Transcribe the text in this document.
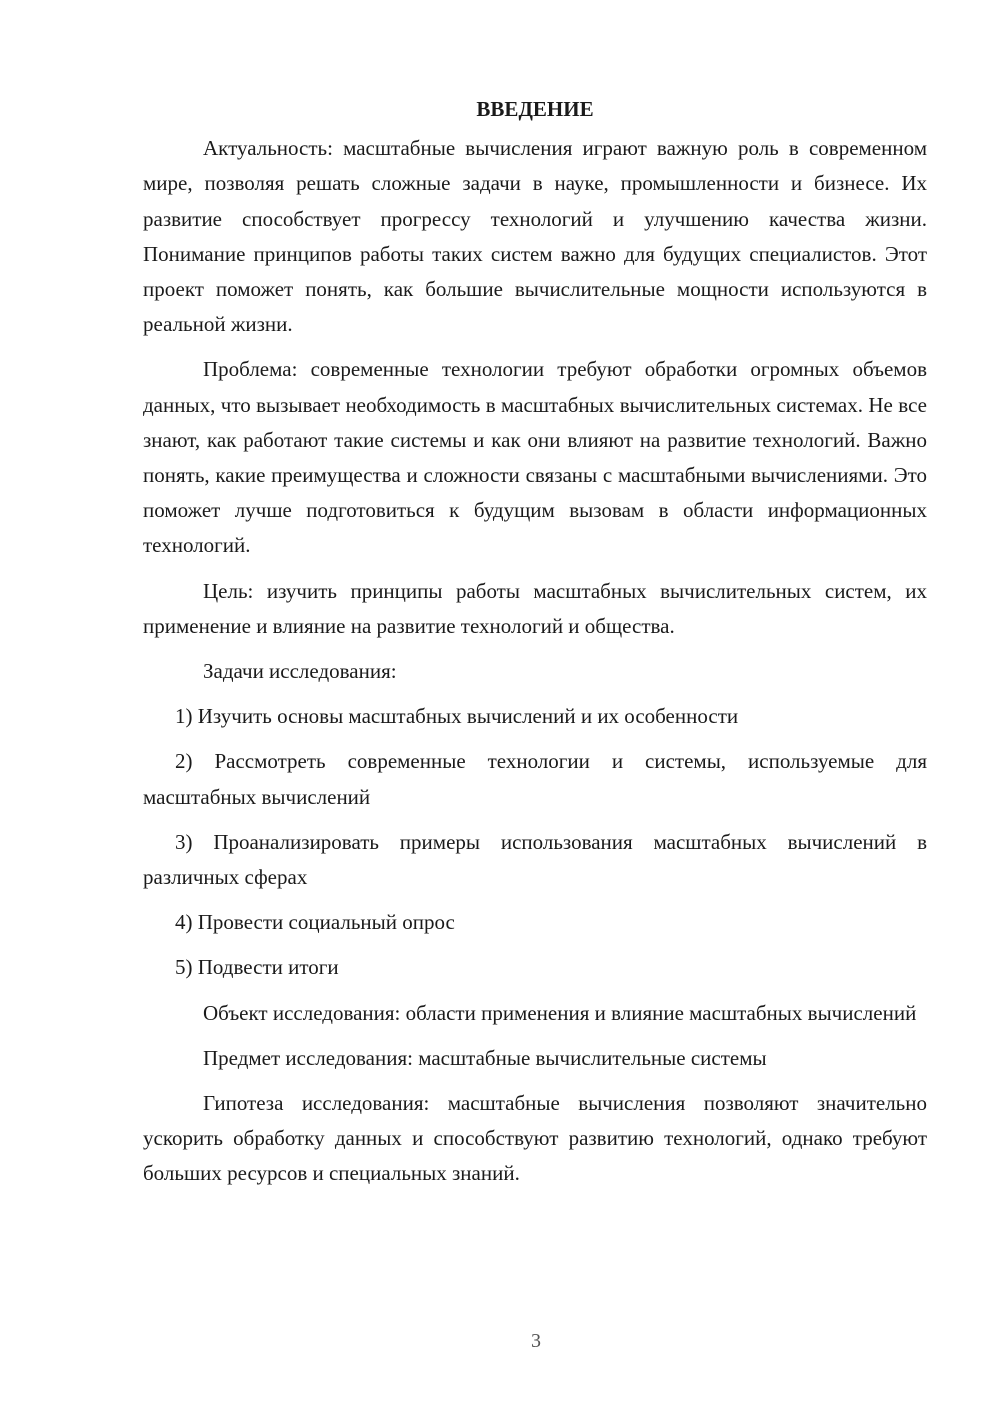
ВВЕДЕНИЕ

Актуальность: масштабные вычисления играют важную роль в современном мире, позволяя решать сложные задачи в науке, промышленности и бизнесе. Их развитие способствует прогрессу технологий и улучшению качества жизни. Понимание принципов работы таких систем важно для будущих специалистов. Этот проект поможет понять, как большие вычислительные мощности используются в реальной жизни.

Проблема: современные технологии требуют обработки огромных объемов данных, что вызывает необходимость в масштабных вычислительных системах. Не все знают, как работают такие системы и как они влияют на развитие технологий. Важно понять, какие преимущества и сложности связаны с масштабными вычислениями. Это поможет лучше подготовиться к будущим вызовам в области информационных технологий.

Цель: изучить принципы работы масштабных вычислительных систем, их применение и влияние на развитие технологий и общества.

Задачи исследования:

1) Изучить основы масштабных вычислений и их особенности

2) Рассмотреть современные технологии и системы, используемые для масштабных вычислений

3) Проанализировать примеры использования масштабных вычислений в различных сферах

4) Провести социальный опрос

5) Подвести итоги

Объект исследования: области применения и влияние масштабных вычислений

Предмет исследования: масштабные вычислительные системы

Гипотеза исследования: масштабные вычисления позволяют значительно ускорить обработку данных и способствуют развитию технологий, однако требуют больших ресурсов и специальных знаний.

3
